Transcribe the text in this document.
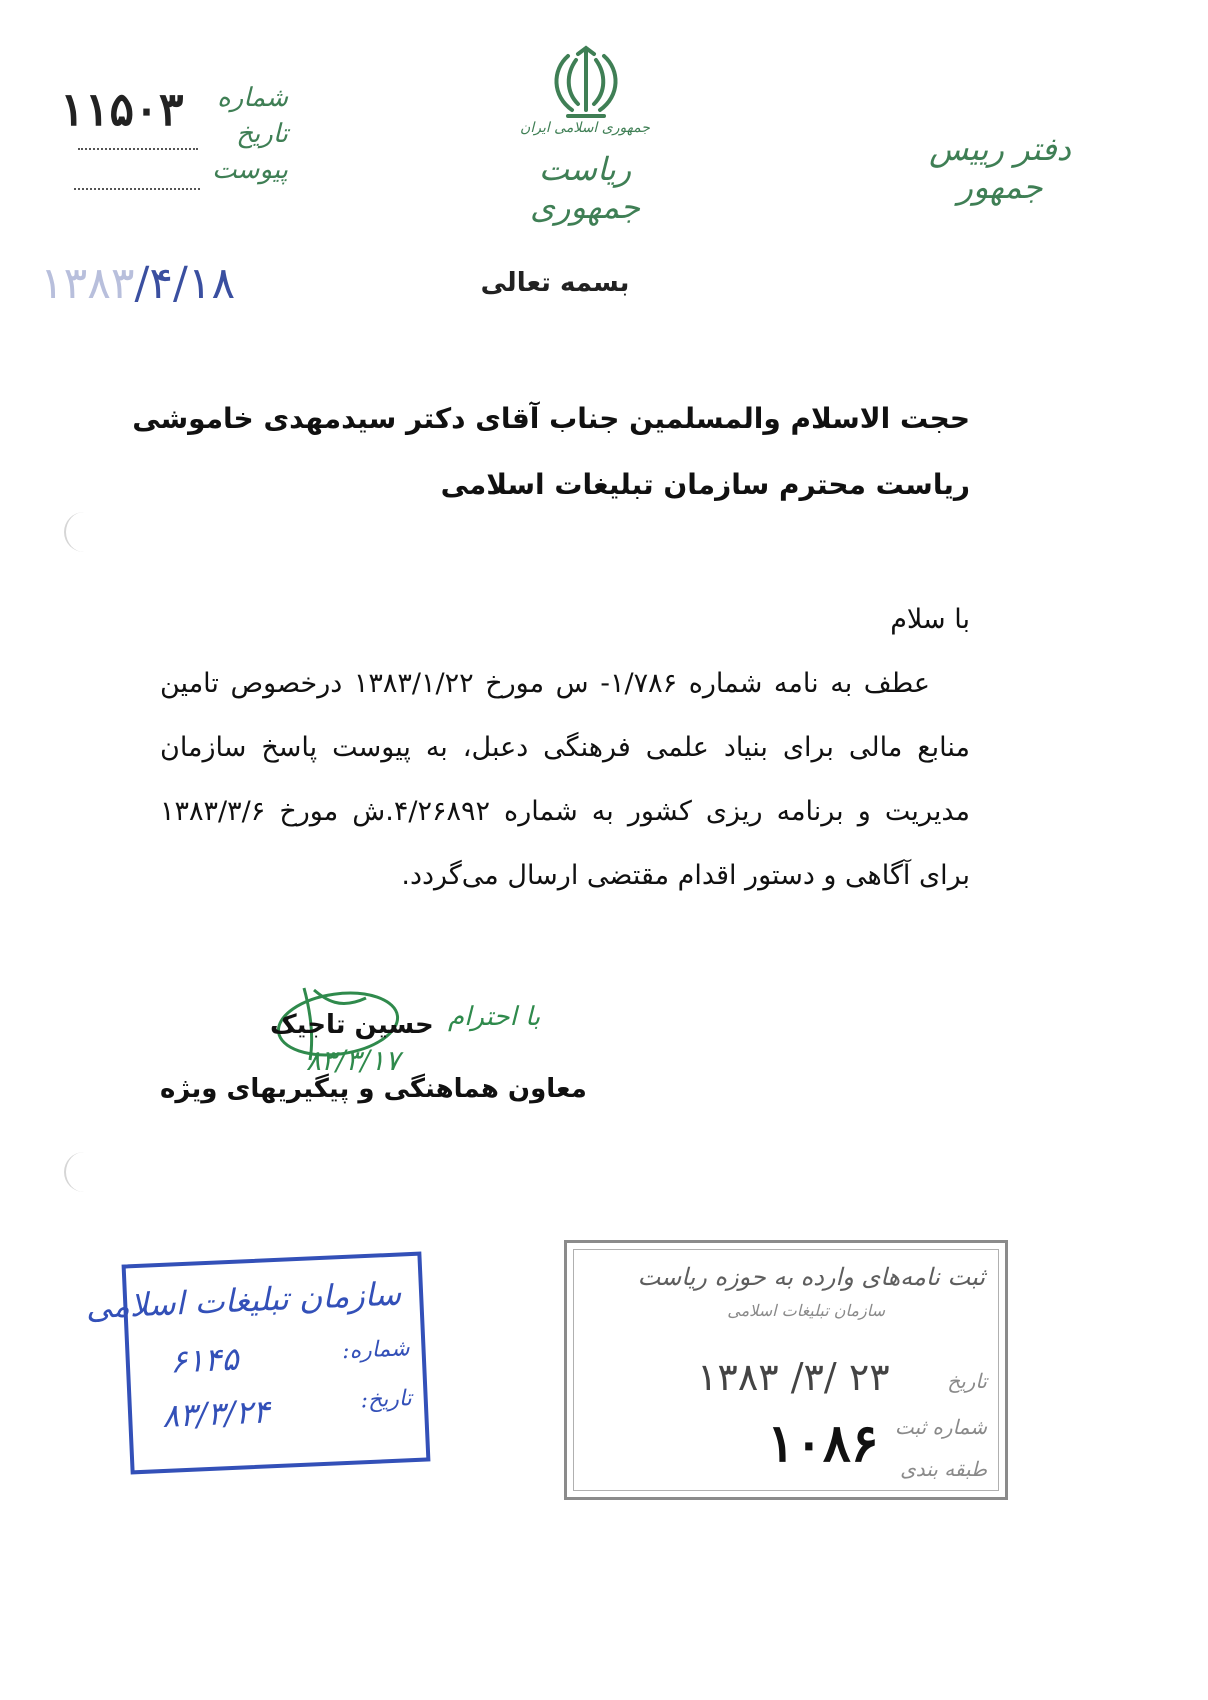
۱۱۵۰۳ شماره
تاریخ
پیوست
۱۳۸۳/۴/۱۸
جمهوری اسلامی ایران
ریاست جمهوری
دفتر رییس جمهور
بسمه تعالی
حجت الاسلام والمسلمین جناب آقای دکتر سیدمهدی خاموشی
ریاست محترم سازمان تبلیغات اسلامی
با سلام
عطف به نامه شماره ۱/۷۸۶- س مورخ ۱۳۸۳/۱/۲۲ درخصوص تامین منابع مالی برای بنیاد علمی فرهنگی دعبل، به پیوست پاسخ سازمان مدیریت و برنامه ریزی کشور به شماره ۴/۲۶۸۹۲.ش مورخ ۱۳۸۳/۳/۶ برای آگاهی و دستور اقدام مقتضی ارسال می‌گردد.
با احترام
حسین تاجیک
۸۳/۳/۱۷
معاون هماهنگی و پیگیریهای ویژه
سازمان تبلیغات اسلامی
شماره:
تاریخ:
۶۱۴۵
۸۳/۳/۲۴
ثبت نامه‌های وارده به حوزه ریاست
سازمان تبلیغات اسلامی
تاریخ
شماره ثبت
طبقه بندی
۱۳۸۳ /۳/ ۲۳
۱۰۸۶
